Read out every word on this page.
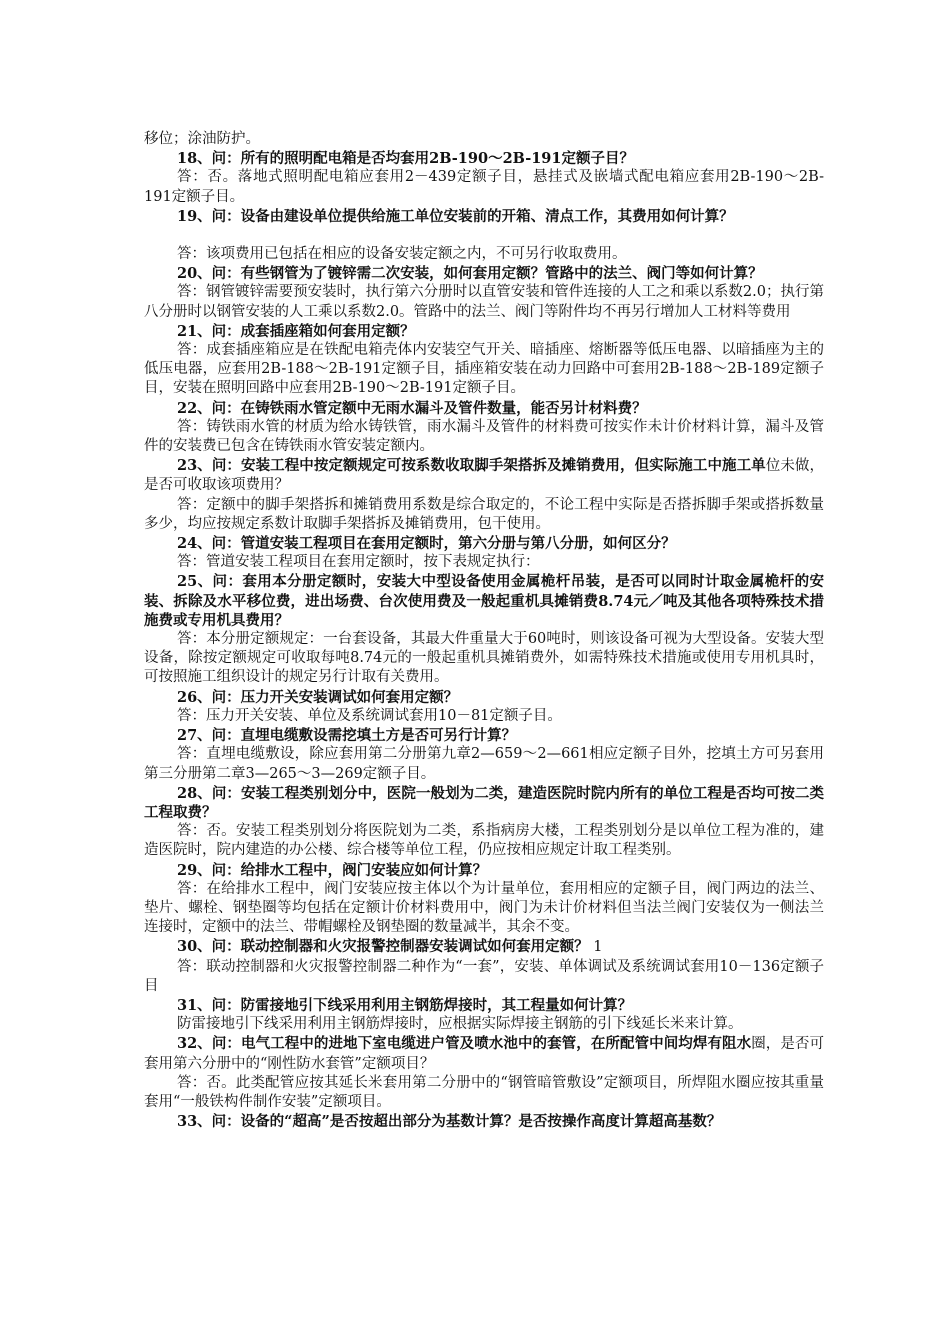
移位；涂油防护。

18、问：所有的照明配电箱是否均套用2B-190～2B-191定额子目？

答：否。落地式照明配电箱应套用2－439定额子目，悬挂式及嵌墙式配电箱应套用2B-190～2B-191定额子目。

19、问：设备由建设单位提供给施工单位安装前的开箱、清点工作，其费用如何计算？

答：该项费用已包括在相应的设备安装定额之内，不可另行收取费用。

20、问：有些钢管为了镀锌需二次安装，如何套用定额？管路中的法兰、阀门等如何计算？

答：钢管镀锌需要预安装时，执行第六分册时以直管安装和管件连接的人工之和乘以系数2.0；执行第八分册时以钢管安装的人工乘以系数2.0。管路中的法兰、阀门等附件均不再另行增加人工材料等费用

21、问：成套插座箱如何套用定额？

答：成套插座箱应是在铁配电箱壳体内安装空气开关、暗插座、熔断器等低压电器、以暗插座为主的低压电器，应套用2B-188～2B-191定额子目，插座箱安装在动力回路中可套用2B-188～2B-189定额子目，安装在照明回路中应套用2B-190～2B-191定额子目。

22、问：在铸铁雨水管定额中无雨水漏斗及管件数量，能否另计材料费？

答：铸铁雨水管的材质为给水铸铁管，雨水漏斗及管件的材料费可按实作未计价材料计算，漏斗及管件的安装费已包含在铸铁雨水管安装定额内。

23、问：安装工程中按定额规定可按系数收取脚手架搭拆及摊销费用，但实际施工中施工单位未做，是否可收取该项费用？

答：定额中的脚手架搭拆和摊销费用系数是综合取定的，不论工程中实际是否搭拆脚手架或搭拆数量多少，均应按规定系数计取脚手架搭拆及摊销费用，包干使用。

24、问：管道安装工程项目在套用定额时，第六分册与第八分册，如何区分？

答：管道安装工程项目在套用定额时，按下表规定执行：

25、问：套用本分册定额时，安装大中型设备使用金属桅杆吊装，是否可以同时计取金属桅杆的安装、拆除及水平移位费，进出场费、台次使用费及一般起重机具摊销费8.74元／吨及其他各项特殊技术措施费或专用机具费用？

答：本分册定额规定：一台套设备，其最大件重量大于60吨时，则该设备可视为大型设备。安装大型设备，除按定额规定可收取每吨8.74元的一般起重机具摊销费外，如需特殊技术措施或使用专用机具时，可按照施工组织设计的规定另行计取有关费用。

26、问：压力开关安装调试如何套用定额？

答：压力开关安装、单位及系统调试套用10－81定额子目。

27、问：直埋电缆敷设需挖填土方是否可另行计算？

答：直埋电缆敷设，除应套用第二分册第九章2—659～2—661相应定额子目外，挖填土方可另套用第三分册第二章3—265～3—269定额子目。

28、问：安装工程类别划分中，医院一般划为二类，建造医院时院内所有的单位工程是否均可按二类工程取费？

答：否。安装工程类别划分将医院划为二类，系指病房大楼，工程类别划分是以单位工程为准的，建造医院时，院内建造的办公楼、综合楼等单位工程，仍应按相应规定计取工程类别。

29、问：给排水工程中，阀门安装应如何计算？

答：在给排水工程中，阀门安装应按主体以个为计量单位，套用相应的定额子目，阀门两边的法兰、垫片、螺栓、钢垫圈等均包括在定额计价材料费用中，阀门为未计价材料但当法兰阀门安装仅为一侧法兰连接时，定额中的法兰、带帽螺栓及钢垫圈的数量减半，其余不变。

30、问：联动控制器和火灾报警控制器安装调试如何套用定额？ 1

答：联动控制器和火灾报警控制器二种作为“一套”，安装、单体调试及系统调试套用10－136定额子目

31、问：防雷接地引下线采用利用主钢筋焊接时，其工程量如何计算？

防雷接地引下线采用利用主钢筋焊接时，应根据实际焊接主钢筋的引下线延长米来计算。

32、问：电气工程中的进地下室电缆进户管及喷水池中的套管，在所配管中间均焊有阻水圈，是否可套用第六分册中的“刚性防水套管”定额项目？

答：否。此类配管应按其延长米套用第二分册中的“钢管暗管敷设”定额项目，所焊阻水圈应按其重量套用“一般铁构件制作安装”定额项目。

33、问：设备的“超高”是否按超出部分为基数计算？是否按操作高度计算超高基数？
